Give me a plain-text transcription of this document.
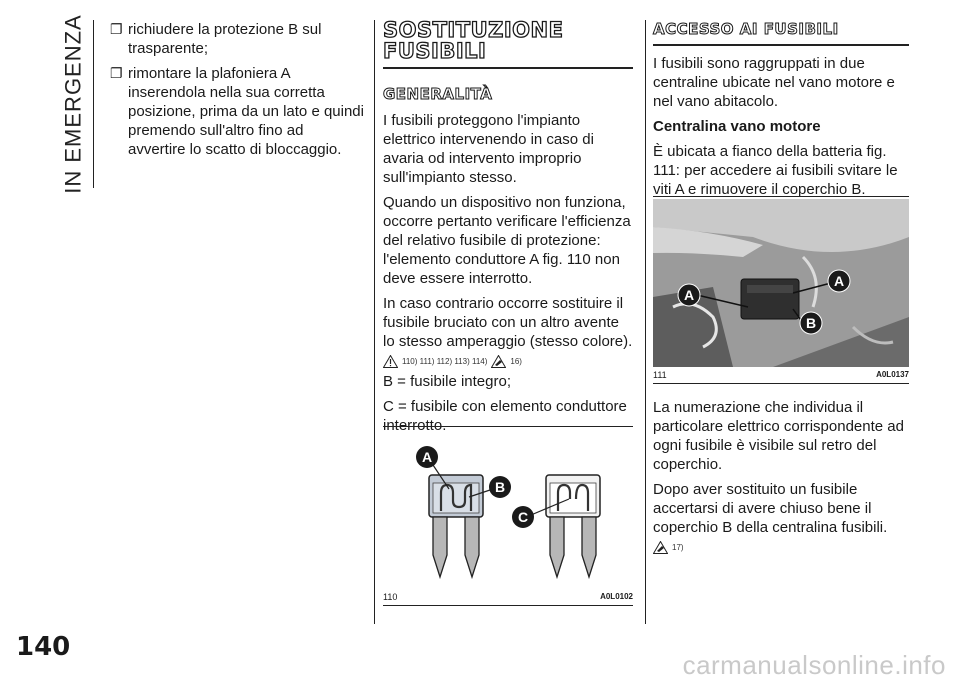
IN EMERGENZA ❐ richiudere la protezione B sul trasparente;
❐ rimontare la plafoniera A inserendola nella sua corretta posizione, prima da un lato e quindi premendo sull'altro fino ad avvertire lo scatto di bloccaggio.
SOSTITUZIONE FUSIBILI
GENERALITÀ

I fusibili proteggono l'impianto elettrico intervenendo in caso di avaria od intervento improprio sull'impianto stesso.

Quando un dispositivo non funziona, occorre pertanto verificare l'efficienza del relativo fusibile di protezione: l'elemento conduttore A fig. 110 non deve essere interrotto.

In caso contrario occorre sostituire il fusibile bruciato con un altro avente lo stesso amperaggio (stesso colore).

110) 111) 112) 113) 114)	16)

B = fusibile integro;

C = fusibile con elemento conduttore interrotto.

A
B
C
110	A0L0102
ACCESSO AI FUSIBILI

I fusibili sono raggruppati in due centraline ubicate nel vano motore e nel vano abitacolo.

Centralina vano motore

È ubicata a fianco della batteria fig. 111: per accedere ai fusibili svitare le viti A e rimuovere il coperchio B.

A
A
B
111	A0L0137

La numerazione che individua il particolare elettrico corrispondente ad ogni fusibile è visibile sul retro del coperchio.

Dopo aver sostituito un fusibile accertarsi di avere chiuso bene il coperchio B della centralina fusibili.

17)
140
carmanualsonline.info
